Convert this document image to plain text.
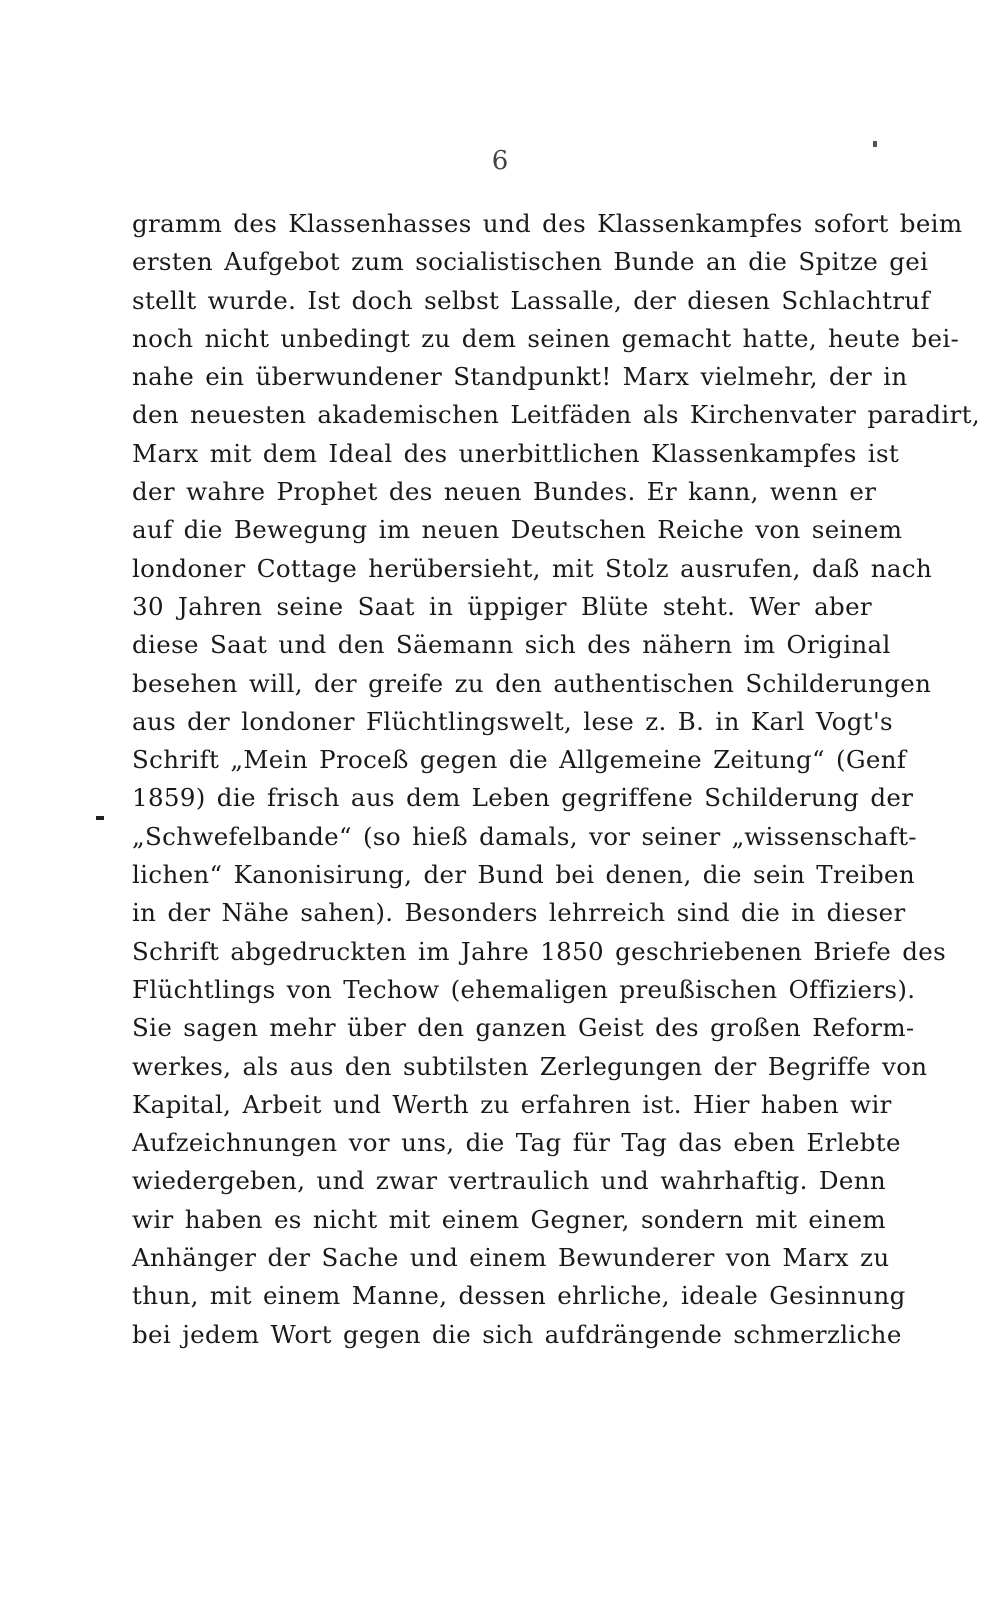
6
gramm des Klassenhasses und des Klassenkampfes sofort beim
ersten Aufgebot zum socialistischen Bunde an die Spitze gei
stellt wurde. Ist doch selbst Lassalle, der diesen Schlachtruf
noch nicht unbedingt zu dem seinen gemacht hatte, heute bei-
nahe ein überwundener Standpunkt! Marx vielmehr, der in
den neuesten akademischen Leitfäden als Kirchenvater paradirt,
Marx mit dem Ideal des unerbittlichen Klassenkampfes ist
der wahre Prophet des neuen Bundes. Er kann, wenn er
auf die Bewegung im neuen Deutschen Reiche von seinem
londoner Cottage herübersieht, mit Stolz ausrufen, daß nach
30 Jahren seine Saat in üppiger Blüte steht. Wer aber
diese Saat und den Säemann sich des nähern im Original
besehen will, der greife zu den authentischen Schilderungen
aus der londoner Flüchtlingswelt, lese z. B. in Karl Vogt's
Schrift „Mein Proceß gegen die Allgemeine Zeitung“ (Genf
1859) die frisch aus dem Leben gegriffene Schilderung der
„Schwefelbande“ (so hieß damals, vor seiner „wissenschaft-
lichen“ Kanonisirung, der Bund bei denen, die sein Treiben
in der Nähe sahen). Besonders lehrreich sind die in dieser
Schrift abgedruckten im Jahre 1850 geschriebenen Briefe des
Flüchtlings von Techow (ehemaligen preußischen Offiziers).
Sie sagen mehr über den ganzen Geist des großen Reform-
werkes, als aus den subtilsten Zerlegungen der Begriffe von
Kapital, Arbeit und Werth zu erfahren ist. Hier haben wir
Aufzeichnungen vor uns, die Tag für Tag das eben Erlebte
wiedergeben, und zwar vertraulich und wahrhaftig. Denn
wir haben es nicht mit einem Gegner, sondern mit einem
Anhänger der Sache und einem Bewunderer von Marx zu
thun, mit einem Manne, dessen ehrliche, ideale Gesinnung
bei jedem Wort gegen die sich aufdrängende schmerzliche
